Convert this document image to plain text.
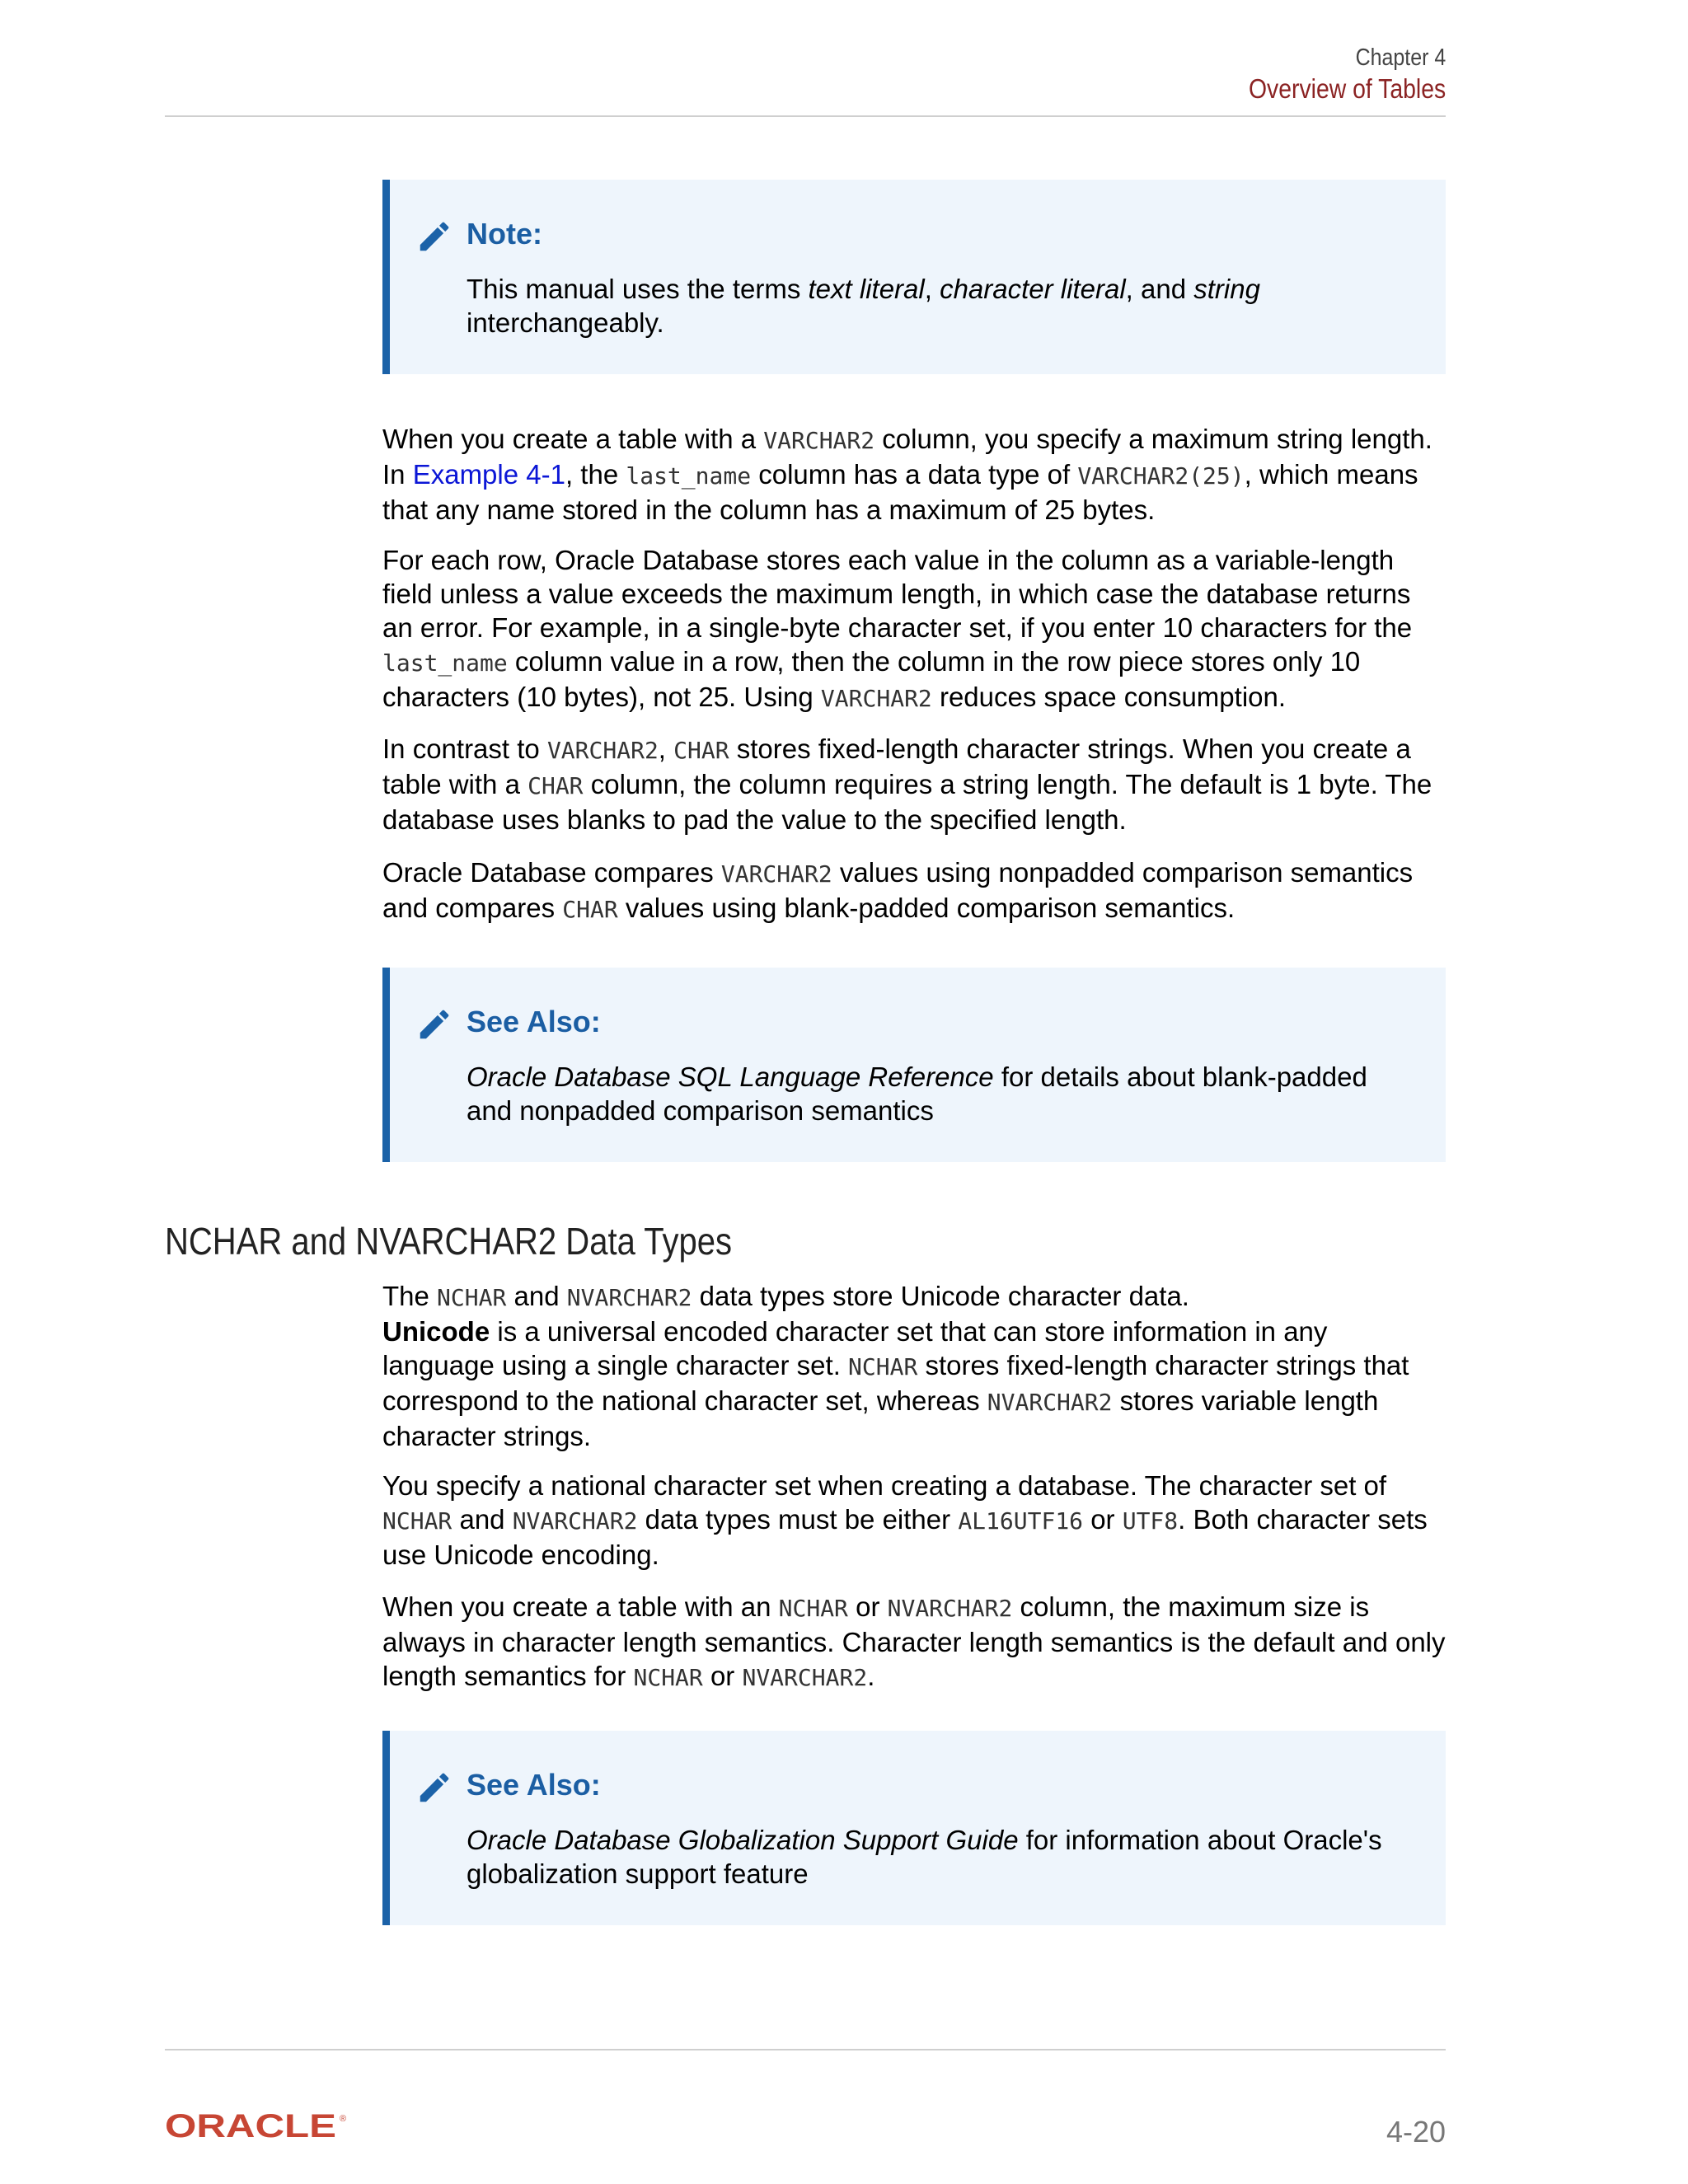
Chapter 4
Overview of Tables
Note:
This manual uses the terms text literal, character literal, and string
interchangeably.

When you create a table with a VARCHAR2 column, you specify a maximum string length. In Example 4-1, the last_name column has a data type of VARCHAR2(25), which means that any name stored in the column has a maximum of 25 bytes.

For each row, Oracle Database stores each value in the column as a variable-length field unless a value exceeds the maximum length, in which case the database returns an error. For example, in a single-byte character set, if you enter 10 characters for the last_name column value in a row, then the column in the row piece stores only 10 characters (10 bytes), not 25. Using VARCHAR2 reduces space consumption.

In contrast to VARCHAR2, CHAR stores fixed-length character strings. When you create a table with a CHAR column, the column requires a string length. The default is 1 byte. The database uses blanks to pad the value to the specified length.

Oracle Database compares VARCHAR2 values using nonpadded comparison semantics and compares CHAR values using blank-padded comparison semantics.

See Also:
Oracle Database SQL Language Reference for details about blank-padded and nonpadded comparison semantics
NCHAR and NVARCHAR2 Data Types

The NCHAR and NVARCHAR2 data types store Unicode character data.
Unicode is a universal encoded character set that can store information in any language using a single character set. NCHAR stores fixed-length character strings that correspond to the national character set, whereas NVARCHAR2 stores variable length character strings.

You specify a national character set when creating a database. The character set of NCHAR and NVARCHAR2 data types must be either AL16UTF16 or UTF8. Both character sets use Unicode encoding.

When you create a table with an NCHAR or NVARCHAR2 column, the maximum size is always in character length semantics. Character length semantics is the default and only length semantics for NCHAR or NVARCHAR2.

See Also:
Oracle Database Globalization Support Guide for information about Oracle's globalization support feature
ORACLE ®	4-20
